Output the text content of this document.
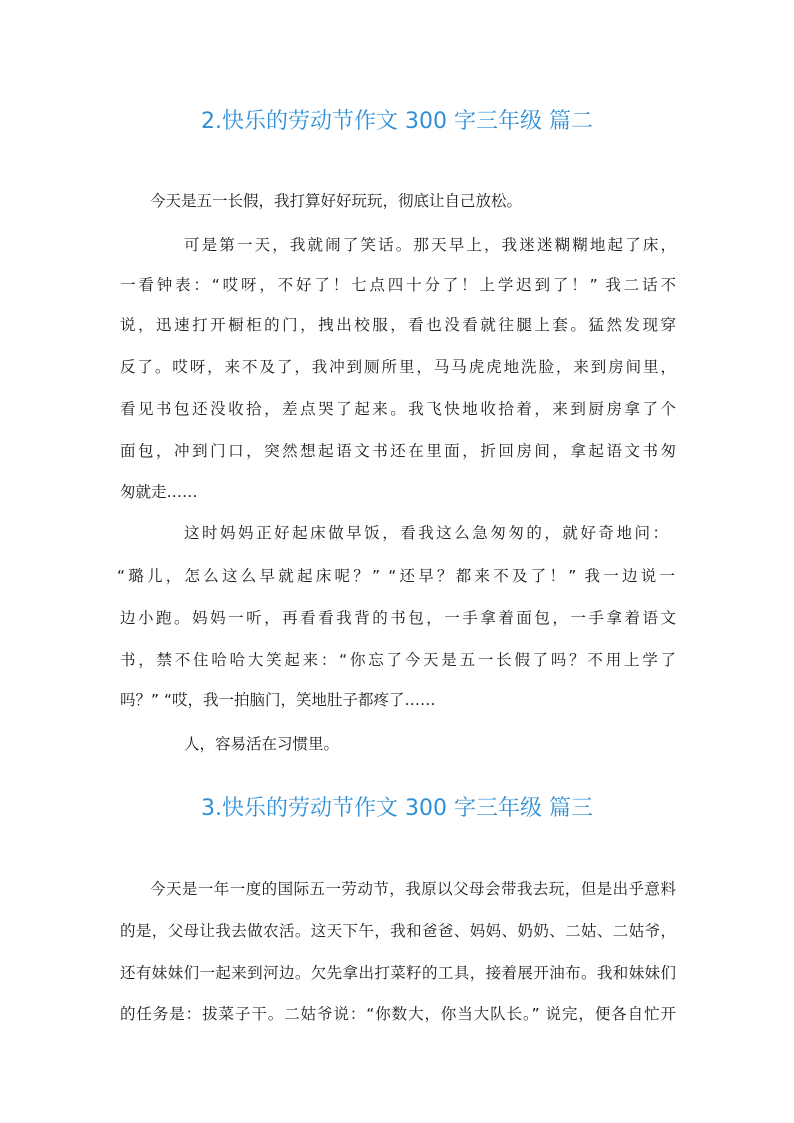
2.快乐的劳动节作文 300 字三年级 篇二
今天是五一长假，我打算好好玩玩，彻底让自己放松。
可是第一天，我就闹了笑话。那天早上，我迷迷糊糊地起了床，
一看钟表：“哎呀，不好了！七点四十分了！上学迟到了！” 我二话不
说，迅速打开橱柜的门，拽出校服，看也没看就往腿上套。猛然发现穿
反了。哎呀，来不及了，我冲到厕所里，马马虎虎地洗脸，来到房间里，
看见书包还没收拾，差点哭了起来。我飞快地收拾着，来到厨房拿了个
面包，冲到门口，突然想起语文书还在里面，折回房间，拿起语文书匆
匆就走……
这时妈妈正好起床做早饭，看我这么急匆匆的，就好奇地问：
“璐儿，怎么这么早就起床呢？” “还早？都来不及了！” 我一边说一
边小跑。妈妈一听，再看看我背的书包，一手拿着面包，一手拿着语文
书，禁不住哈哈大笑起来：“你忘了今天是五一长假了吗？不用上学了
吗？” “哎，我一拍脑门，笑地肚子都疼了……
人，容易活在习惯里。
3.快乐的劳动节作文 300 字三年级 篇三
今天是一年一度的国际五一劳动节，我原以父母会带我去玩，但是出乎意料
的是，父母让我去做农活。这天下午，我和爸爸、妈妈、奶奶、二姑、二姑爷，
还有妹妹们一起来到河边。欠先拿出打菜籽的工具，接着展开油布。我和妹妹们
的任务是：拔菜子干。二姑爷说：“你数大，你当大队长。” 说完，便各自忙开
